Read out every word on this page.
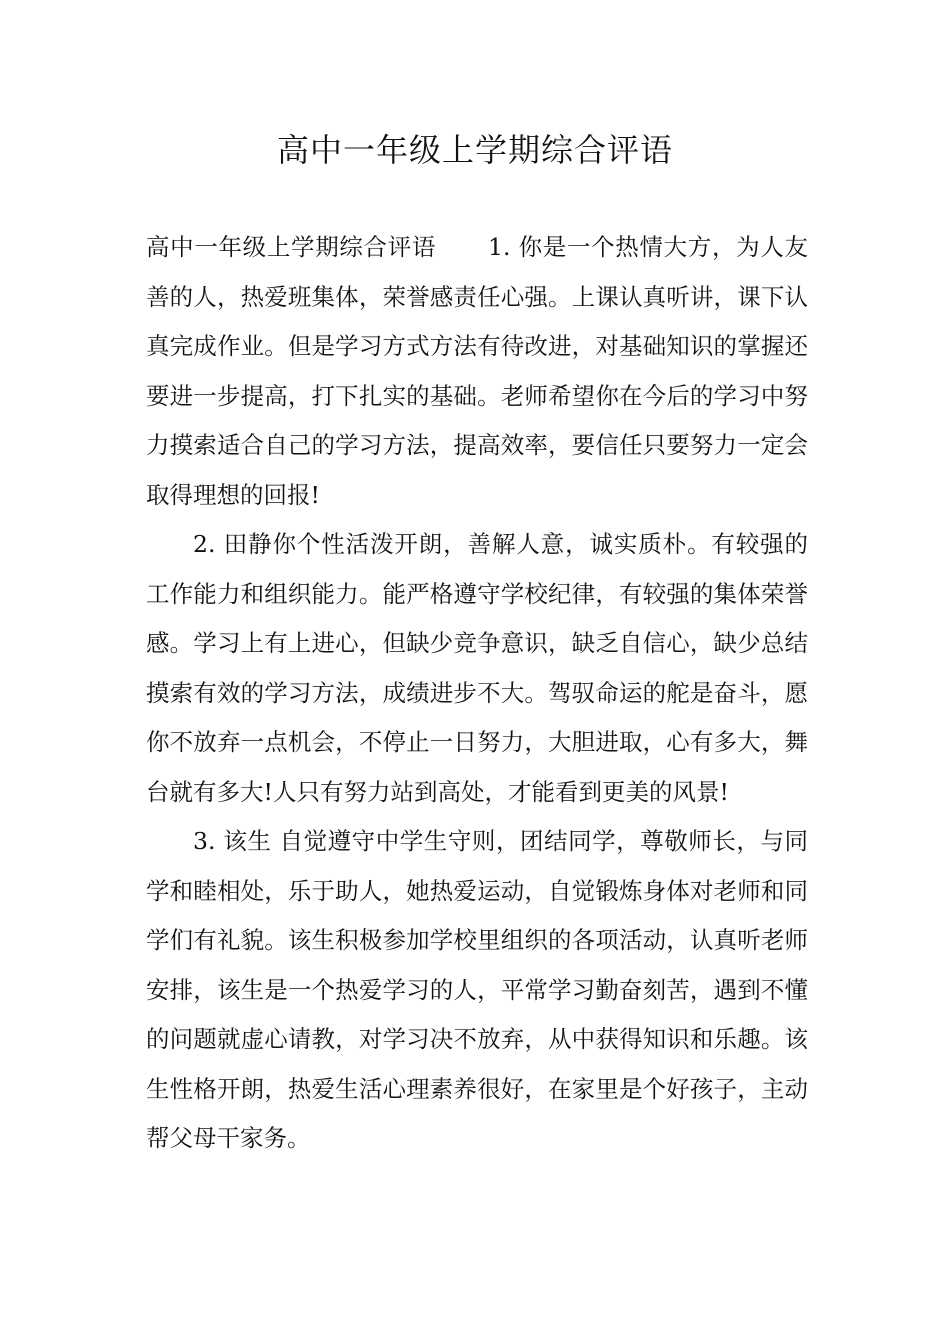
高中一年级上学期综合评语

高中一年级上学期综合评语 1. 你是一个热情大方，为人友善的人，热爱班集体，荣誉感责任心强。上课认真听讲，课下认真完成作业。但是学习方式方法有待改进，对基础知识的掌握还要进一步提高，打下扎实的基础。老师希望你在今后的学习中努力摸索适合自己的学习方法，提高效率，要信任只要努力一定会取得理想的回报!

2. 田静你个性活泼开朗，善解人意，诚实质朴。有较强的工作能力和组织能力。能严格遵守学校纪律，有较强的集体荣誉感。学习上有上进心，但缺少竞争意识，缺乏自信心，缺少总结摸索有效的学习方法，成绩进步不大。驾驭命运的舵是奋斗，愿你不放弃一点机会，不停止一日努力，大胆进取，心有多大，舞台就有多大!人只有努力站到高处，才能看到更美的风景!

3. 该生 自觉遵守中学生守则，团结同学，尊敬师长，与同学和睦相处，乐于助人，她热爱运动，自觉锻炼身体对老师和同学们有礼貌。该生积极参加学校里组织的各项活动，认真听老师安排，该生是一个热爱学习的人，平常学习勤奋刻苦，遇到不懂的问题就虚心请教，对学习决不放弃，从中获得知识和乐趣。该生性格开朗，热爱生活心理素养很好，在家里是个好孩子，主动帮父母干家务。
